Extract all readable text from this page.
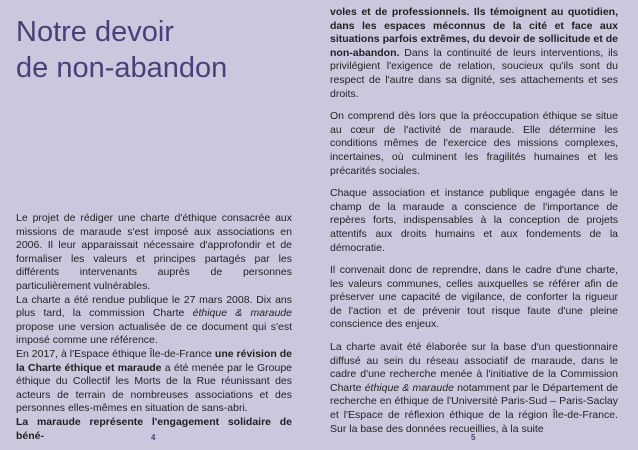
Notre devoir
de non-abandon

Le projet de rédiger une charte d'éthique consacrée aux missions de maraude s'est imposé aux associations en 2006. Il leur apparaissait nécessaire d'approfondir et de formaliser les valeurs et principes partagés par les différents intervenants auprès de personnes particulièrement vulnérables.

La charte a été rendue publique le 27 mars 2008. Dix ans plus tard, la commission Charte éthique & maraude propose une version actualisée de ce document qui s'est imposé comme une référence.

En 2017, à l'Espace éthique Île-de-France une révision de la Charte éthique et maraude a été menée par le Groupe éthique du Collectif les Morts de la Rue réunissant des acteurs de terrain de nombreuses associations et des personnes elles-mêmes en situation de sans-abri.

La maraude représente l'engagement solidaire de béné-	4

voles et de professionnels. Ils témoignent au quotidien, dans les espaces méconnus de la cité et face aux situations parfois extrêmes, du devoir de sollicitude et de non-abandon. Dans la continuité de leurs interventions, ils privilégient l'exigence de relation, soucieux qu'ils sont du respect de l'autre dans sa dignité, ses attachements et ses droits.

On comprend dès lors que la préoccupation éthique se situe au cœur de l'activité de maraude. Elle détermine les conditions mêmes de l'exercice des missions complexes, incertaines, où culminent les fragilités humaines et les précarités sociales.

Chaque association et instance publique engagée dans le champ de la maraude a conscience de l'importance de repères forts, indispensables à la conception de projets attentifs aux droits humains et aux fondements de la démocratie.

Il convenait donc de reprendre, dans le cadre d'une charte, les valeurs communes, celles auxquelles se référer afin de préserver une capacité de vigilance, de conforter la rigueur de l'action et de prévenir tout risque faute d'une pleine conscience des enjeux.

La charte avait été élaborée sur la base d'un questionnaire diffusé au sein du réseau associatif de maraude, dans le cadre d'une recherche menée à l'initiative de la Commission Charte éthique & maraude notamment par le Département de recherche en éthique de l'Université Paris-Sud – Paris-Saclay et l'Espace de réflexion éthique de la région Île-de-France. Sur la base des données recueillies, à la suite

5
